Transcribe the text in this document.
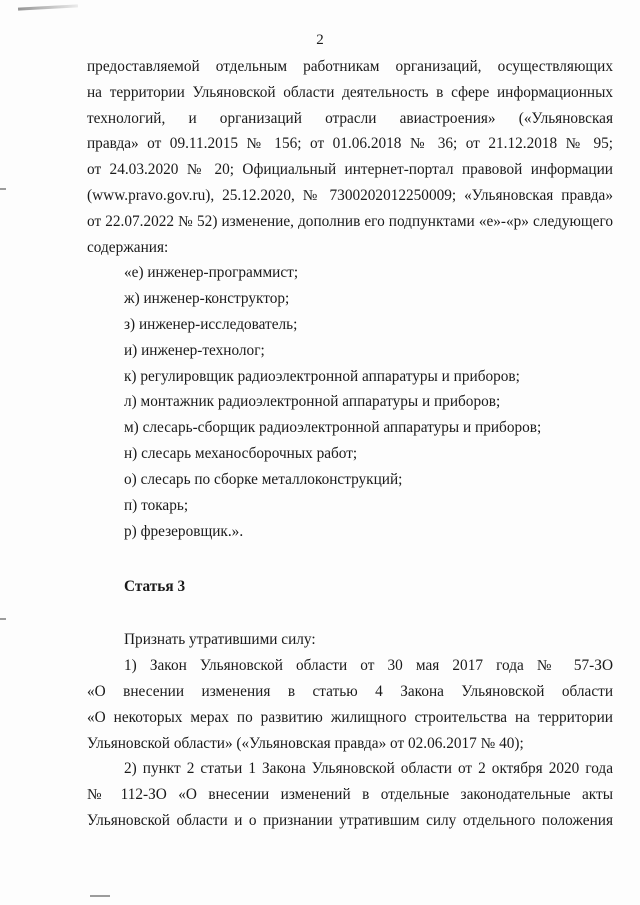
2
предоставляемой отдельным работникам организаций, осуществляющих
на территории Ульяновской области деятельность в сфере информационных
технологий, и организаций отрасли авиастроения» («Ульяновская
правда» от 09.11.2015 № 156; от 01.06.2018 № 36; от 21.12.2018 № 95;
от 24.03.2020 № 20; Официальный интернет-портал правовой информации
(www.pravo.gov.ru), 25.12.2020, № 7300202012250009; «Ульяновская правда»
от 22.07.2022 № 52) изменение, дополнив его подпунктами «е»-«р» следующего
содержания:
«е) инженер-программист;
ж) инженер-конструктор;
з) инженер-исследователь;
и) инженер-технолог;
к) регулировщик радиоэлектронной аппаратуры и приборов;
л) монтажник радиоэлектронной аппаратуры и приборов;
м) слесарь-сборщик радиоэлектронной аппаратуры и приборов;
н) слесарь механосборочных работ;
о) слесарь по сборке металлоконструкций;
п) токарь;
р) фрезеровщик.».
Статья 3
Признать утратившими силу:
1) Закон Ульяновской области от 30 мая 2017 года № 57-ЗО
«О внесении изменения в статью 4 Закона Ульяновской области
«О некоторых мерах по развитию жилищного строительства на территории
Ульяновской области» («Ульяновская правда» от 02.06.2017 № 40);
2) пункт 2 статьи 1 Закона Ульяновской области от 2 октября 2020 года
№ 112-ЗО «О внесении изменений в отдельные законодательные акты
Ульяновской области и о признании утратившим силу отдельного положения
